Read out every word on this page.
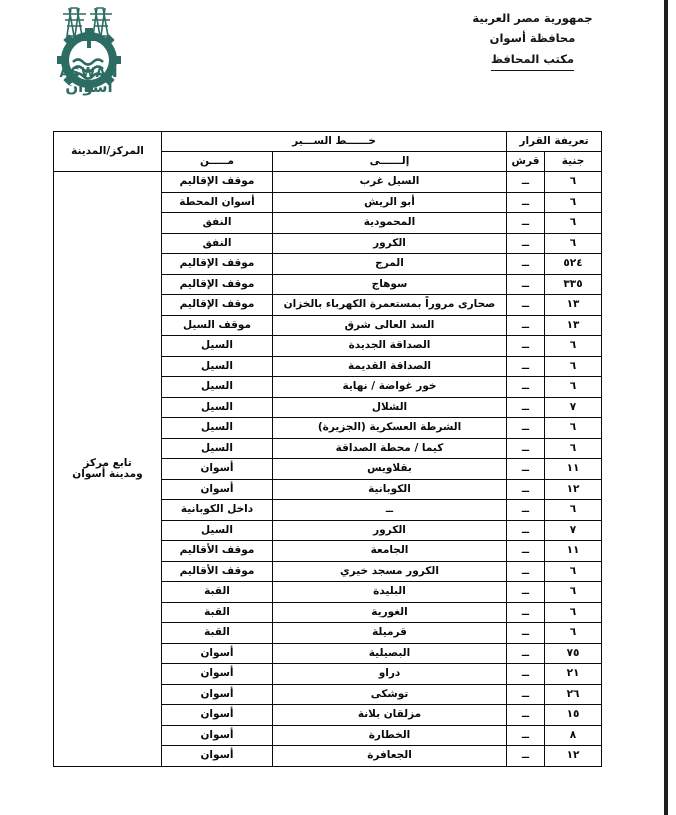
ASWAN
أسوان
جمهورية مصر العربية
محافظة أسوان
مكتب المحافظ
تعريفة القرار		خــــــط الســـير		المركز/المدينة
جنية	قرش	إلــــــى	مـــــن	
٦	ــ	السيل غرب	موقف الإقاليم	تابع مركز
ومدينة أسوان
٦	ــ	أبو الريش	أسوان المحطة	
٦	ــ	المحمودية	النفق	
٦	ــ	الكرور	النفق	
٥٢٤	ــ	المرج	موقف الإقاليم	
٣٣٥	ــ	سوهاج	موقف الإقاليم	
١٣	ــ	صحارى مروراً بمستعمرة الكهرباء بالخزان	موقف الإقاليم	
١٣	ــ	السد العالى شرق	موقف السيل	
٦	ــ	الصداقة الجديدة	السيل	
٦	ــ	الصداقة القديمة	السيل	
٦	ــ	خور غواضة / نهاية	السيل	
٧	ــ	الشلال	السيل	
٦	ــ	الشرطة العسكرية (الجزيرة)	السيل	
٦	ــ	كيما / محطة الصداقة	السيل	
١١	ــ	بقلاويس	أسوان	
١٢	ــ	الكوبانية	أسوان	
٦	ــ	ــ	داخل الكوبانية	
٧	ــ	الكرور	السيل	
١١	ــ	الجامعة	موقف الأقاليم	
٦	ــ	الكرور مسجد خيري	موقف الأقاليم	
٦	ــ	البليدة	القبة	
٦	ــ	الغورية	القبة	
٦	ــ	قرميلة	القبة	
٧٥	ــ	البصيلية	أسوان	
٢١	ــ	دراو	أسوان	
٢٦	ــ	توشكى	أسوان	
١٥	ــ	مزلقان بلانة	أسوان	
٨	ــ	الخطارة	أسوان	
١٢	ــ	الجعافرة	أسوان	
